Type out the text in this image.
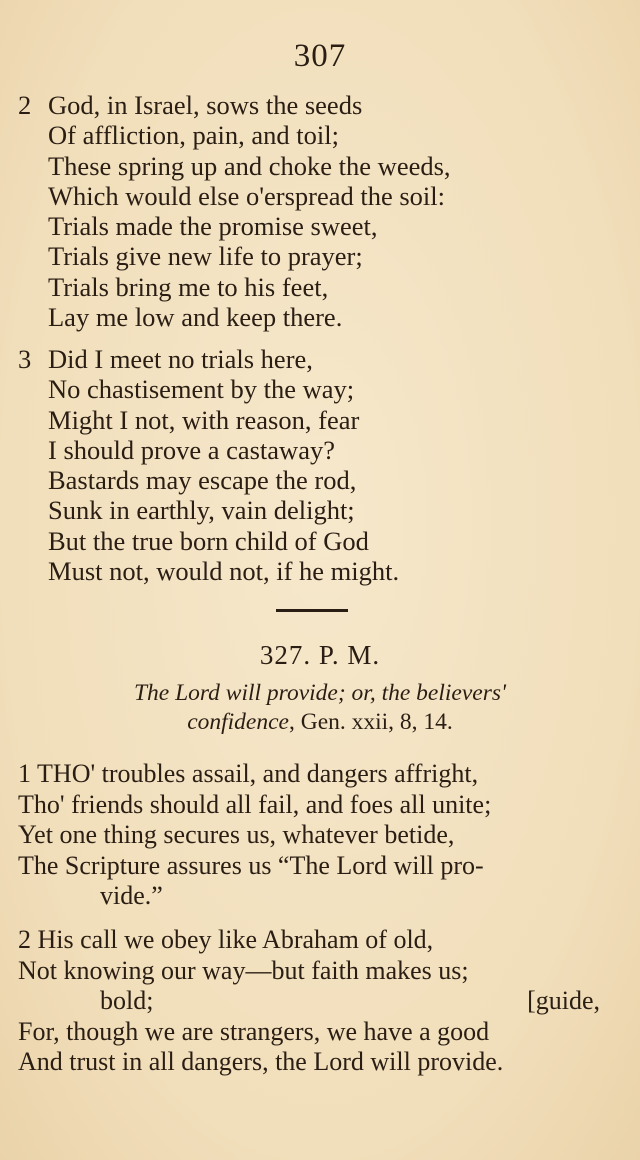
307
2 God, in Israel, sows the seeds
Of affliction, pain, and toil;
These spring up and choke the weeds,
Which would else o'erspread the soil:
Trials made the promise sweet,
Trials give new life to prayer;
Trials bring me to his feet,
Lay me low and keep there.
3 Did I meet no trials here,
No chastisement by the way;
Might I not, with reason, fear
I should prove a castaway?
Bastards may escape the rod,
Sunk in earthly, vain delight;
But the true born child of God
Must not, would not, if he might.
327. P. M.
The Lord will provide; or, the believers'
confidence, Gen. xxii, 8, 14.
1 THO' troubles assail, and dangers affright,
Tho' friends should all fail, and foes all unite;
Yet one thing secures us, whatever betide,
The Scripture assures us “The Lord will pro-
vide.”
2 His call we obey like Abraham of old,
Not knowing our way—but faith makes us;
bold;	[guide,
For, though we are strangers, we have a good
And trust in all dangers, the Lord will provide.
